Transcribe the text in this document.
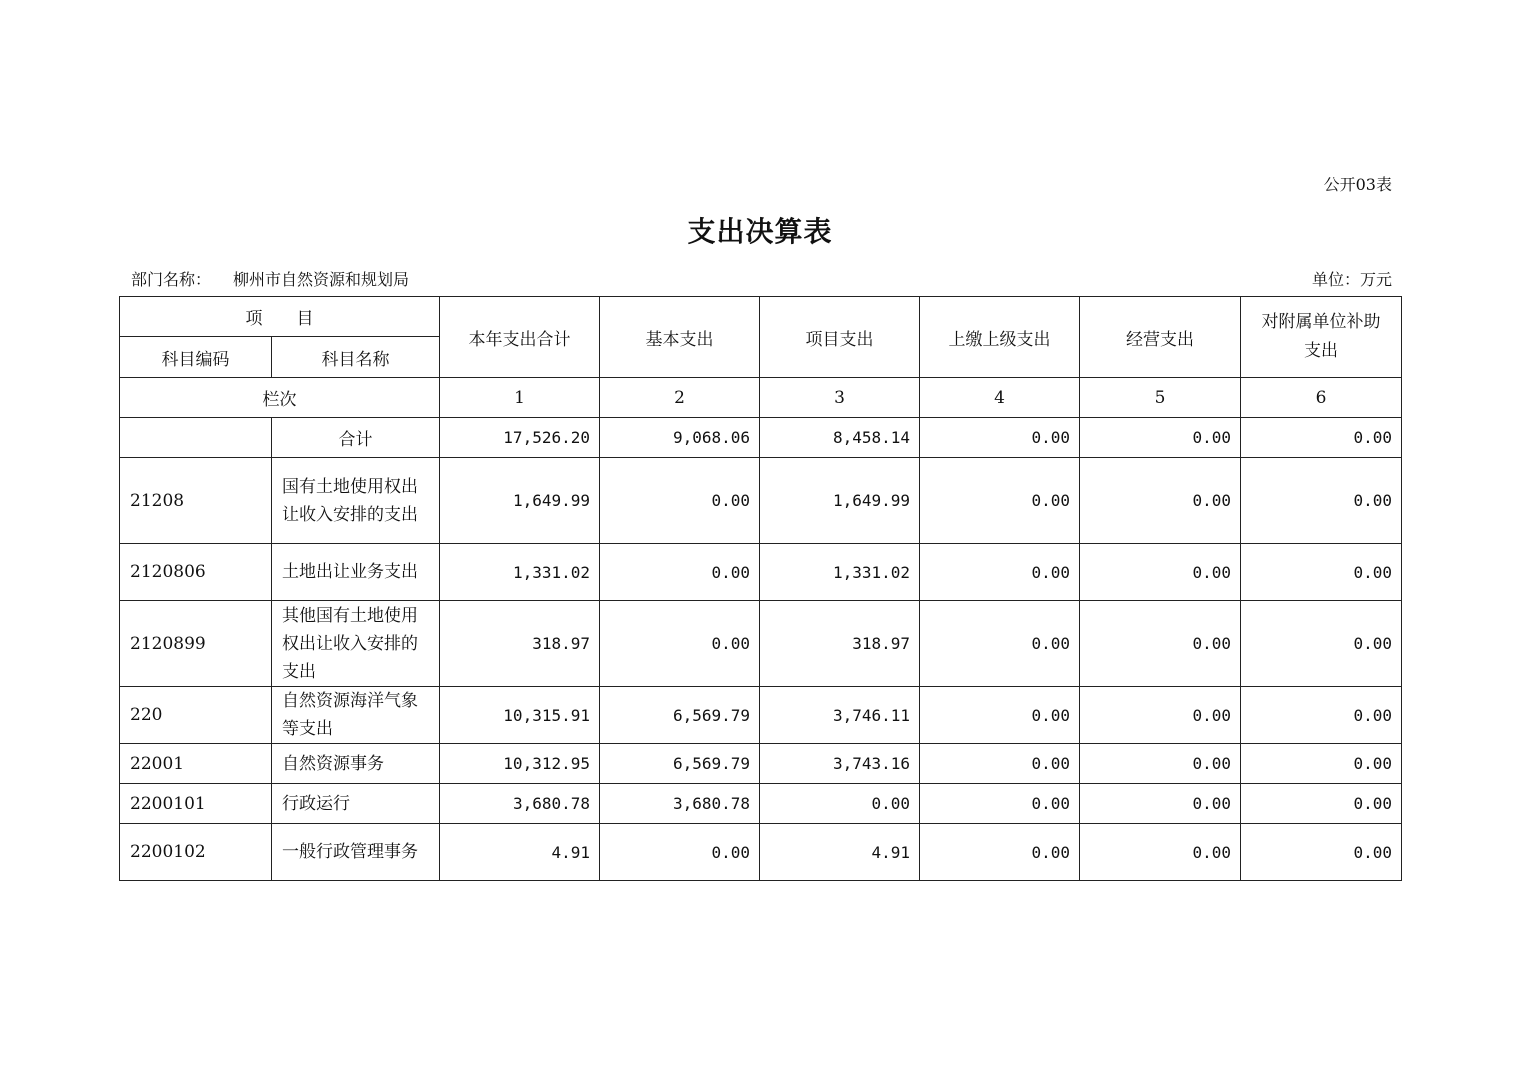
公开03表
支出决算表
部门名称： 柳州市自然资源和规划局	单位：万元
项　　目		本年支出合计	基本支出	项目支出	上缴上级支出	经营支出	对附属单位补助支出
科目编码	科目名称						
栏次		1	2	3	4	5	6
	合计	17,526.20	9,068.06	8,458.14	0.00	0.00	0.00
21208	国有土地使用权出让收入安排的支出	1,649.99	0.00	1,649.99	0.00	0.00	0.00
2120806	土地出让业务支出	1,331.02	0.00	1,331.02	0.00	0.00	0.00
2120899	其他国有土地使用权出让收入安排的支出	318.97	0.00	318.97	0.00	0.00	0.00
220	自然资源海洋气象等支出	10,315.91	6,569.79	3,746.11	0.00	0.00	0.00
22001	自然资源事务	10,312.95	6,569.79	3,743.16	0.00	0.00	0.00
2200101	行政运行	3,680.78	3,680.78	0.00	0.00	0.00	0.00
2200102	一般行政管理事务	4.91	0.00	4.91	0.00	0.00	0.00
